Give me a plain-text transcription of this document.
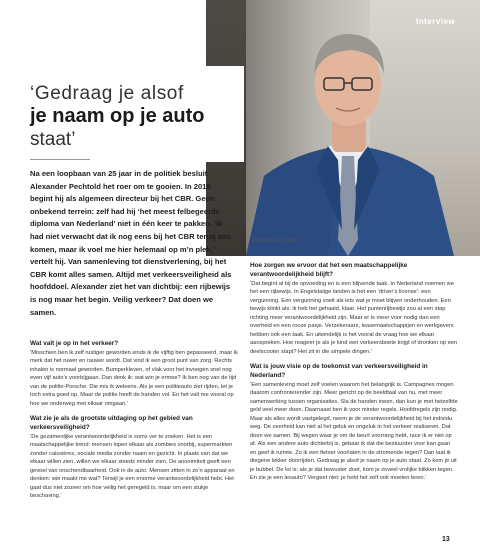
Interview
‘Gedraag je alsof
je naam op je auto
staat’
Alexander Pechtold
Na een loopbaan van 25 jaar in de politiek besluit Alexander Pechtold het roer om te gooien. In 2019 begint hij als algemeen directeur bij het CBR. Geen onbekend terrein: zelf had hij ‘het meest felbegeerde diploma van Nederland’ niet in één keer te pakken. ‘Ik had niet verwacht dat ik nog eens bij het CBR terug zou komen, maar ik voel me hier helemaal op m’n plek,’ vertelt hij. Van samenleving tot dienstverlening, bij het CBR komt alles samen. Altijd met verkeersveiligheid als hoofddoel. Alexander ziet het van dichtbij: een rijbewijs is nog maar het begin. Veilig verkeer? Dat doen we samen.
Wat valt je op in het verkeer?
‘Misschien ben ik zelf rustiger geworden sinds ik de vijftig ben gepasseerd, maar ik merk dat het ruwer en rauwer wordt. Dat vind ik een groot punt van zorg. Rechts inhalen is normaal geworden. Bumperkleven, of vlak voor het invoegen snel nog even vijf auto’s voorbijgaan. Dan denk ik: wat win je ermee? Ik ben nog van de tijd van de politie-Porsche. Die mis ik weleens. Als je een politieauto ziet rijden, let je toch extra goed op. Maar de politie heeft de handen vol. En het valt me vooral op hoe we onderweg met elkaar omgaan.’
Wat zie je als de grootste uitdaging op het gebied van verkeersveiligheid?
‘De gezamenlijke verantwoordelijkheid is soms ver te zoeken. Het is een maatschappelijke trend: mensen lopen elkaar als zombies voorbij, supermarkten zonder caissières, sociale media zonder naam en gezicht. In plaats van dat we elkaar willen zien, willen we elkaar steeds minder zien. De anonimiteit geeft een gevoel van onschendbaarheid. Ook in de auto. Mensen zitten in zo’n apparaat en denken: wie maakt me wat? Terwijl je een enorme verantwoordelijkheid hebt. Het gaat dus niet zozeer om hoe veilig het geregeld is, maar om een stukje beschaving.’
Hoe zorgen we ervoor dat het een maatschappelijke verantwoordelijkheid blijft?
‘Dat begint al bij de opvoeding en is een blijvende taak. In Nederland noemen we het een rijbewijs. In Engelstalige landen is het een ‘driver’s license’: een vergunning. Een vergunning voelt als iets wat je moet blijven onderhouden. Een bewijs klinkt als: ik heb het gehaald, klaar. Het puntenrijbewijs zou al een stap richting meer verantwoordelijkheid zijn. Maar er is meer voor nodig dan een overheid en een rooze pasje. Verzekeraars, leasemaatschappijen en werkgevers hebben ook een taak. En uiteindelijk is het vooral de vraag hoe we elkaar aanspreken. Hoe reageer je als je kind een verkeersboete krijgt of dronken op een deelscooter stapt? Het zit in die simpele dingen.’
Wat is jouw visie op de toekomst van verkeersveiligheid in Nederland?
‘Een samenleving moet zelf voelen waarom het belangrijk is. Campagnes mogen daarom confronterender zijn. Meer gericht op de beeldtaal van nu, met meer samenwerking tussen organisaties. Sla de handen ineen, dan kun je met hetzelfde geld veel meer doen. Daarnaast ben ik voor minder regels. Hoofdregels zijn nodig. Maar als alles wordt vastgelegd, neem je de verantwoordelijkheid bij het individu weg. De overheid kan niet al het geluk en ongeluk in het verkeer realiseren. Dat doen we samen. Bij wegen waar je om de beurt voorrang hebt, race ik er niet op af. Als een andere auto dichterbij is, gebaar ik dat die bestuurder voor kan gaan en geef ik ruimte. Zo ik een fietser voorlaten in de stromende regen? Dan laat ik diegene lekker doorrijden. Gedraag je alsof je naam op je auto staat. Zo kom je uit je bubbel. De lol is: als je dat bewuster doet, kom je zoveel vrolijke blikken tegen. En zie je een lesauto? Vergeet niet: je hebt het zelf ook moeten leren.’
13
